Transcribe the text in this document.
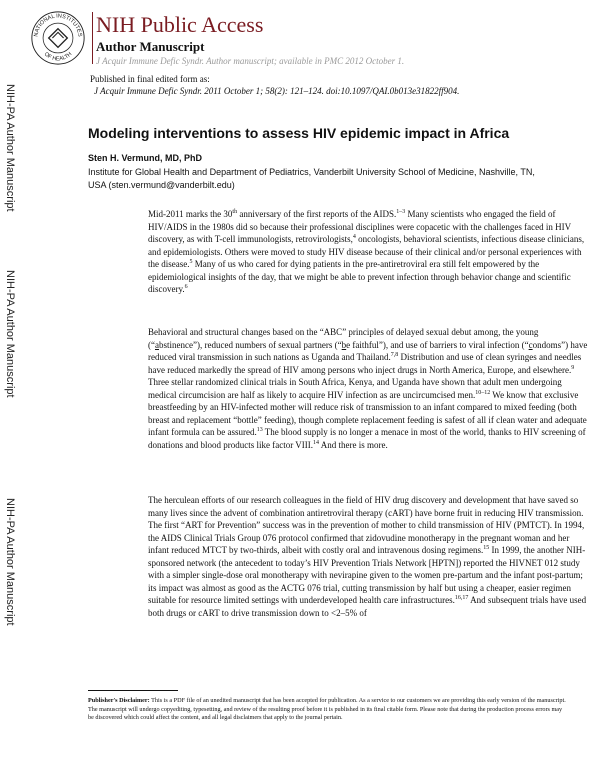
NATIONAL INSTITUTES
OF HEALTH
NIH Public Access
Author Manuscript
J Acquir Immune Defic Syndr. Author manuscript; available in PMC 2012 October 1.
Published in final edited form as:
J Acquir Immune Defic Syndr. 2011 October 1; 58(2): 121–124. doi:10.1097/QAI.0b013e31822ff904.
NIH-PA Author Manuscript
NIH-PA Author Manuscript
NIH-PA Author Manuscript
Modeling interventions to assess HIV epidemic impact in Africa
Sten H. Vermund, MD, PhD
Institute for Global Health and Department of Pediatrics, Vanderbilt University School of Medicine, Nashville, TN, USA (sten.vermund@vanderbilt.edu)

Mid-2011 marks the 30th anniversary of the first reports of the AIDS.$^{1-3}$ Many scientists who engaged the field of HIV/AIDS in the 1980s did so because their professional disciplines were copacetic with the challenges faced in HIV discovery, as with T-cell immunologists, retrovirologists,$^4$ oncologists, behavioral scientists, infectious disease clinicians, and epidemiologists. Others were moved to study HIV disease because of their clinical and/or personal experiences with the disease.$^5$ Many of us who cared for dying patients in the pre-antiretroviral era still felt empowered by the epidemiological insights of the day, that we might be able to prevent infection through behavior change and scientific discovery.$^6$

Behavioral and structural changes based on the “ABC” principles of delayed sexual debut among, the young (“abstinence”), reduced numbers of sexual partners (“be faithful”), and use of barriers to viral infection (“condoms”) have reduced viral transmission in such nations as Uganda and Thailand.$^{7,8}$ Distribution and use of clean syringes and needles have reduced markedly the spread of HIV among persons who inject drugs in North America, Europe, and elsewhere.$^9$ Three stellar randomized clinical trials in South Africa, Kenya, and Uganda have shown that adult men undergoing medical circumcision are half as likely to acquire HIV infection as are uncircumcised men.$^{10-12}$ We know that exclusive breastfeeding by an HIV-infected mother will reduce risk of transmission to an infant compared to mixed feeding (both breast and replacement “bottle” feeding), though complete replacement feeding is safest of all if clean water and adequate infant formula can be assured.$^{13}$ The blood supply is no longer a menace in most of the world, thanks to HIV screening of donations and blood products like factor VIII.$^{14}$ And there is more.

The herculean efforts of our research colleagues in the field of HIV drug discovery and development that have saved so many lives since the advent of combination antiretroviral therapy (cART) have borne fruit in reducing HIV transmission. The first “ART for Prevention” success was in the prevention of mother to child transmission of HIV (PMTCT). In 1994, the AIDS Clinical Trials Group 076 protocol confirmed that zidovudine monotherapy in the pregnant woman and her infant reduced MTCT by two-thirds, albeit with costly oral and intravenous dosing regimens.$^{15}$ In 1999, the another NIH-sponsored network (the antecedent to today’s HIV Prevention Trials Network [HPTN]) reported the HIVNET 012 study with a simpler single-dose oral monotherapy with nevirapine given to the women pre-partum and the infant post-partum; its impact was almost as good as the ACTG 076 trial, cutting transmission by half but using a cheaper, easier regimen suitable for resource limited settings with underdeveloped health care infrastructures.$^{16,17}$ And subsequent trials have used both drugs or cART to drive transmission down to <2–5% of

Publisher's Disclaimer: This is a PDF file of an unedited manuscript that has been accepted for publication. As a service to our customers we are providing this early version of the manuscript. The manuscript will undergo copyediting, typesetting, and review of the resulting proof before it is published in its final citable form. Please note that during the production process errors may be discovered which could affect the content, and all legal disclaimers that apply to the journal pertain.
